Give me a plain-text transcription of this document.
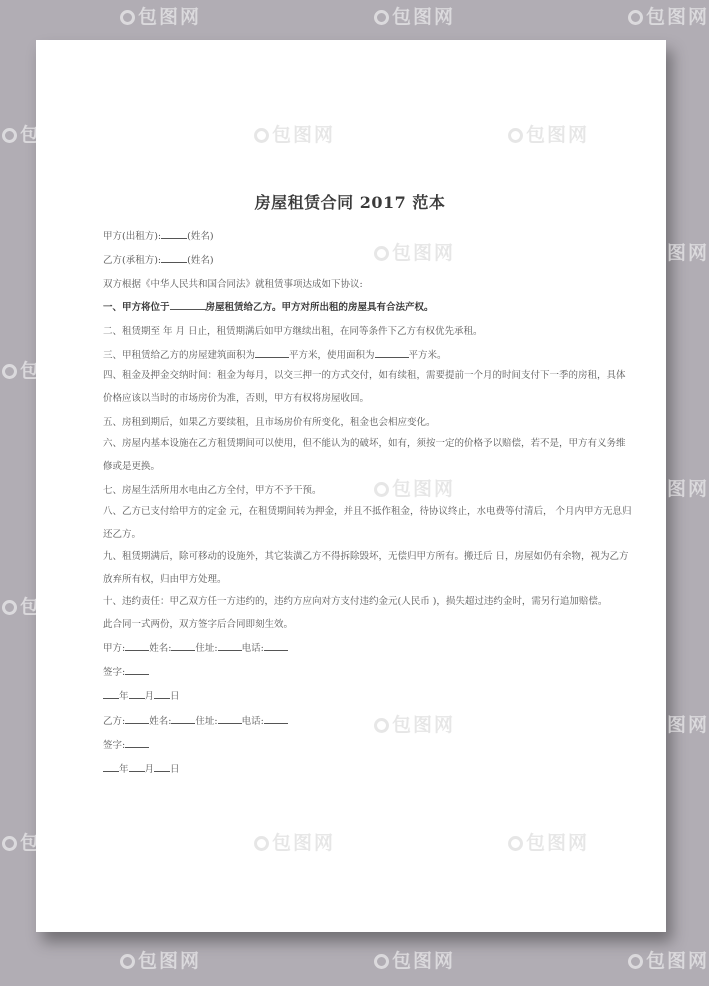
包图网	包图网	包图网
包图网
包图网
包图网
包图网
包图网
包图网
包图网
包图网	包图网	包图网
包图网	包图网
包图网
包图网
包图网
包图网	包图网
房屋租赁合同 2017 范本
甲方(出租方):	(姓名)
乙方(承租方):	(姓名)
双方根据《中华人民共和国合同法》就租赁事项达成如下协议:
一、甲方将位于	房屋租赁给乙方。甲方对所出租的房屋具有合法产权。
二、租赁期至 年 月 日止，租赁期满后如甲方继续出租，在同等条件下乙方有权优先承租。
三、甲租赁给乙方的房屋建筑面积为	平方米，使用面积为	平方米。
四、租金及押金交纳时间：租金为每月，以交三押一的方式交付，如有续租，需要提前一个月的时间支付下一季的房租，具体价格应该以当时的市场房价为准，否则，甲方有权将房屋收回。
五、房租到期后，如果乙方要续租，且市场房价有所变化，租金也会相应变化。
六、房屋内基本设施在乙方租赁期间可以使用，但不能认为的破坏，如有，须按一定的价格予以赔偿，若不是，甲方有义务维修或是更换。
七、房屋生活所用水电由乙方全付，甲方不予干预。
八、乙方已支付给甲方的定金 元，在租赁期间转为押金，并且不抵作租金，待协议终止，水电费等付清后， 个月内甲方无息归还乙方。
九、租赁期满后，除可移动的设施外，其它装潢乙方不得拆除毁坏，无偿归甲方所有。搬迁后 日，房屋如仍有余物，视为乙方放弃所有权，归由甲方处理。
十、违约责任：甲乙双方任一方违约的，违约方应向对方支付违约金元(人民币 )，损失超过违约金时，需另行追加赔偿。
此合同一式两份，双方签字后合同即刻生效。
甲方:	姓名:	住址:	电话:
签字:
年 月 日
乙方:	姓名:	住址:	电话:
签字:
年 月 日
